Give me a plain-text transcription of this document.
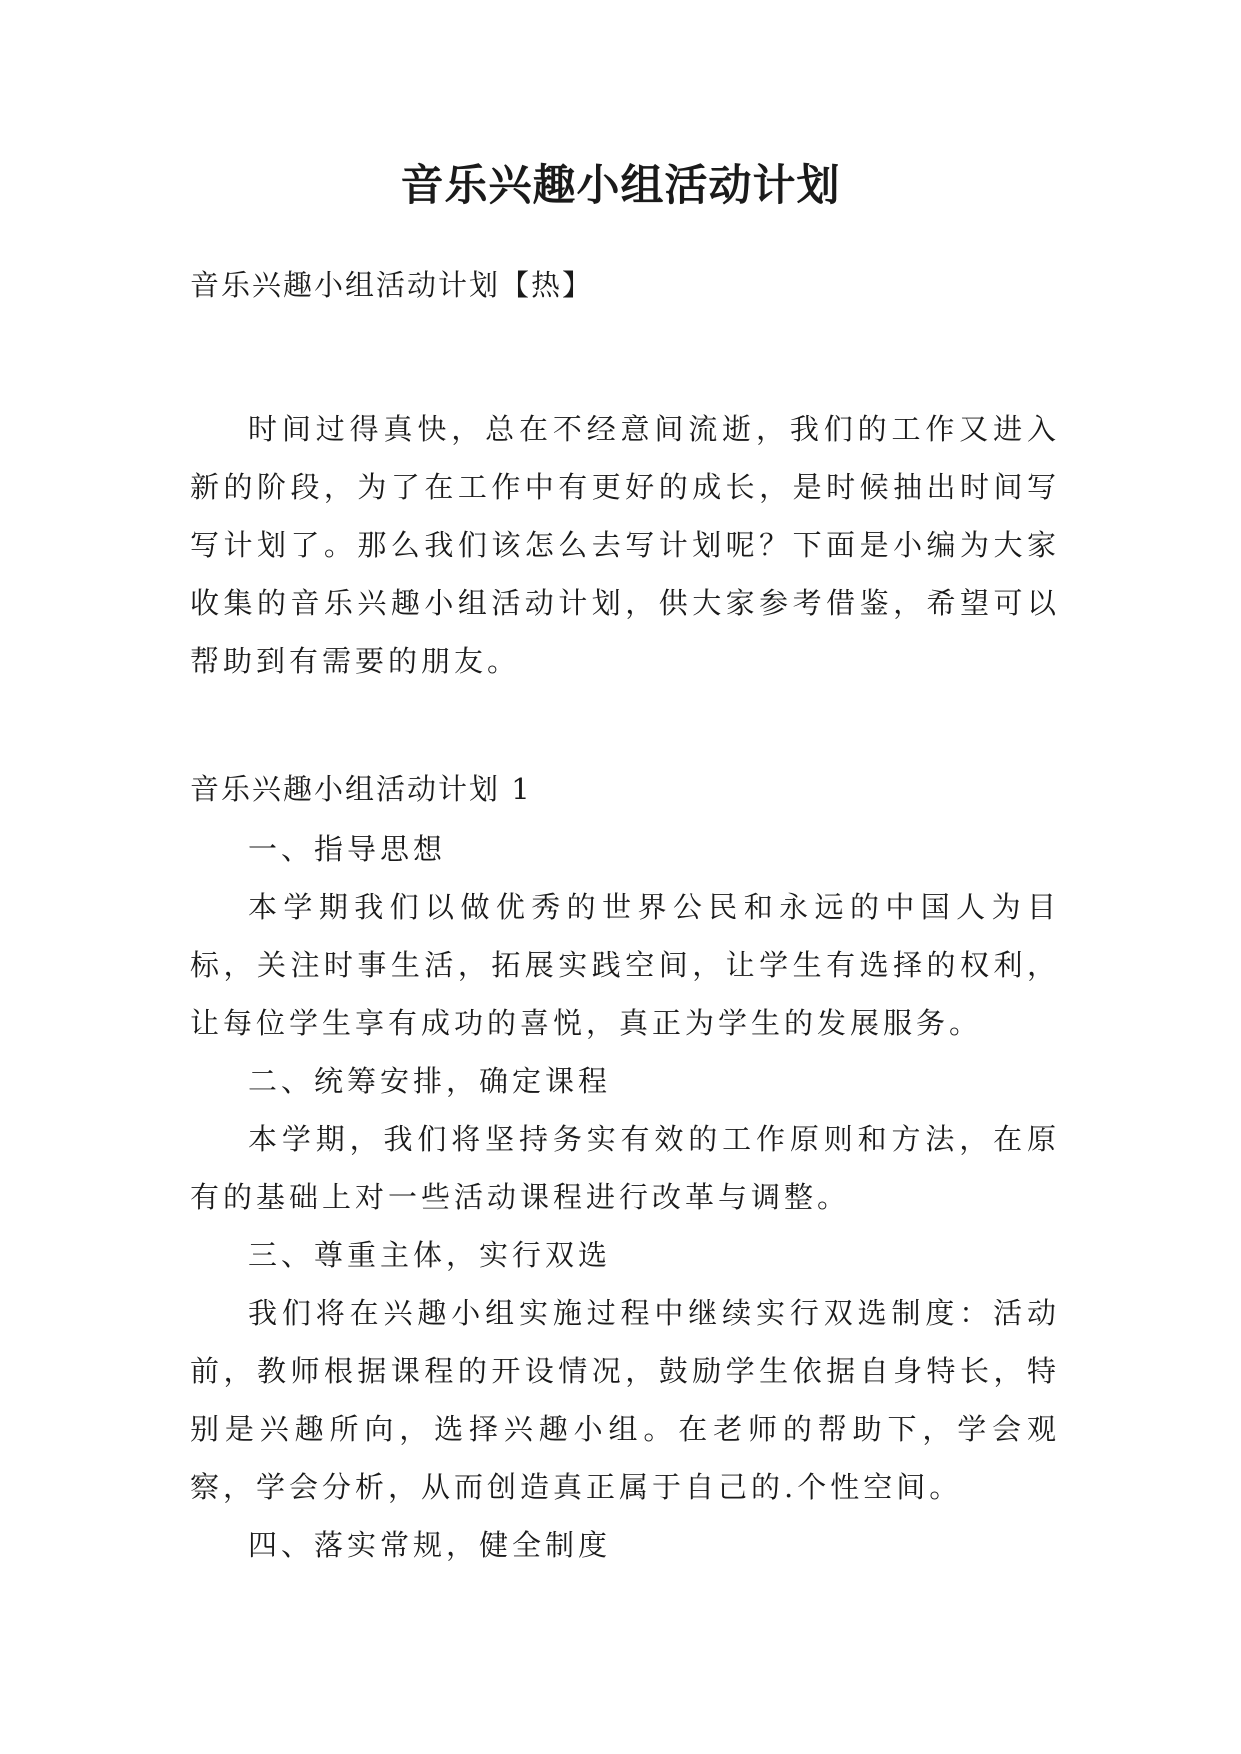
音乐兴趣小组活动计划

音乐兴趣小组活动计划【热】

时间过得真快，总在不经意间流逝，我们的工作又进入新的阶段，为了在工作中有更好的成长，是时候抽出时间写写计划了。那么我们该怎么去写计划呢？下面是小编为大家收集的音乐兴趣小组活动计划，供大家参考借鉴，希望可以帮助到有需要的朋友。

音乐兴趣小组活动计划 1

一、指导思想

本学期我们以做优秀的世界公民和永远的中国人为目标，关注时事生活，拓展实践空间，让学生有选择的权利，让每位学生享有成功的喜悦，真正为学生的发展服务。

二、统筹安排，确定课程

本学期，我们将坚持务实有效的工作原则和方法，在原有的基础上对一些活动课程进行改革与调整。

三、尊重主体，实行双选

我们将在兴趣小组实施过程中继续实行双选制度：活动前，教师根据课程的开设情况，鼓励学生依据自身特长，特别是兴趣所向，选择兴趣小组。在老师的帮助下，学会观察，学会分析，从而创造真正属于自己的.个性空间。

四、落实常规，健全制度
